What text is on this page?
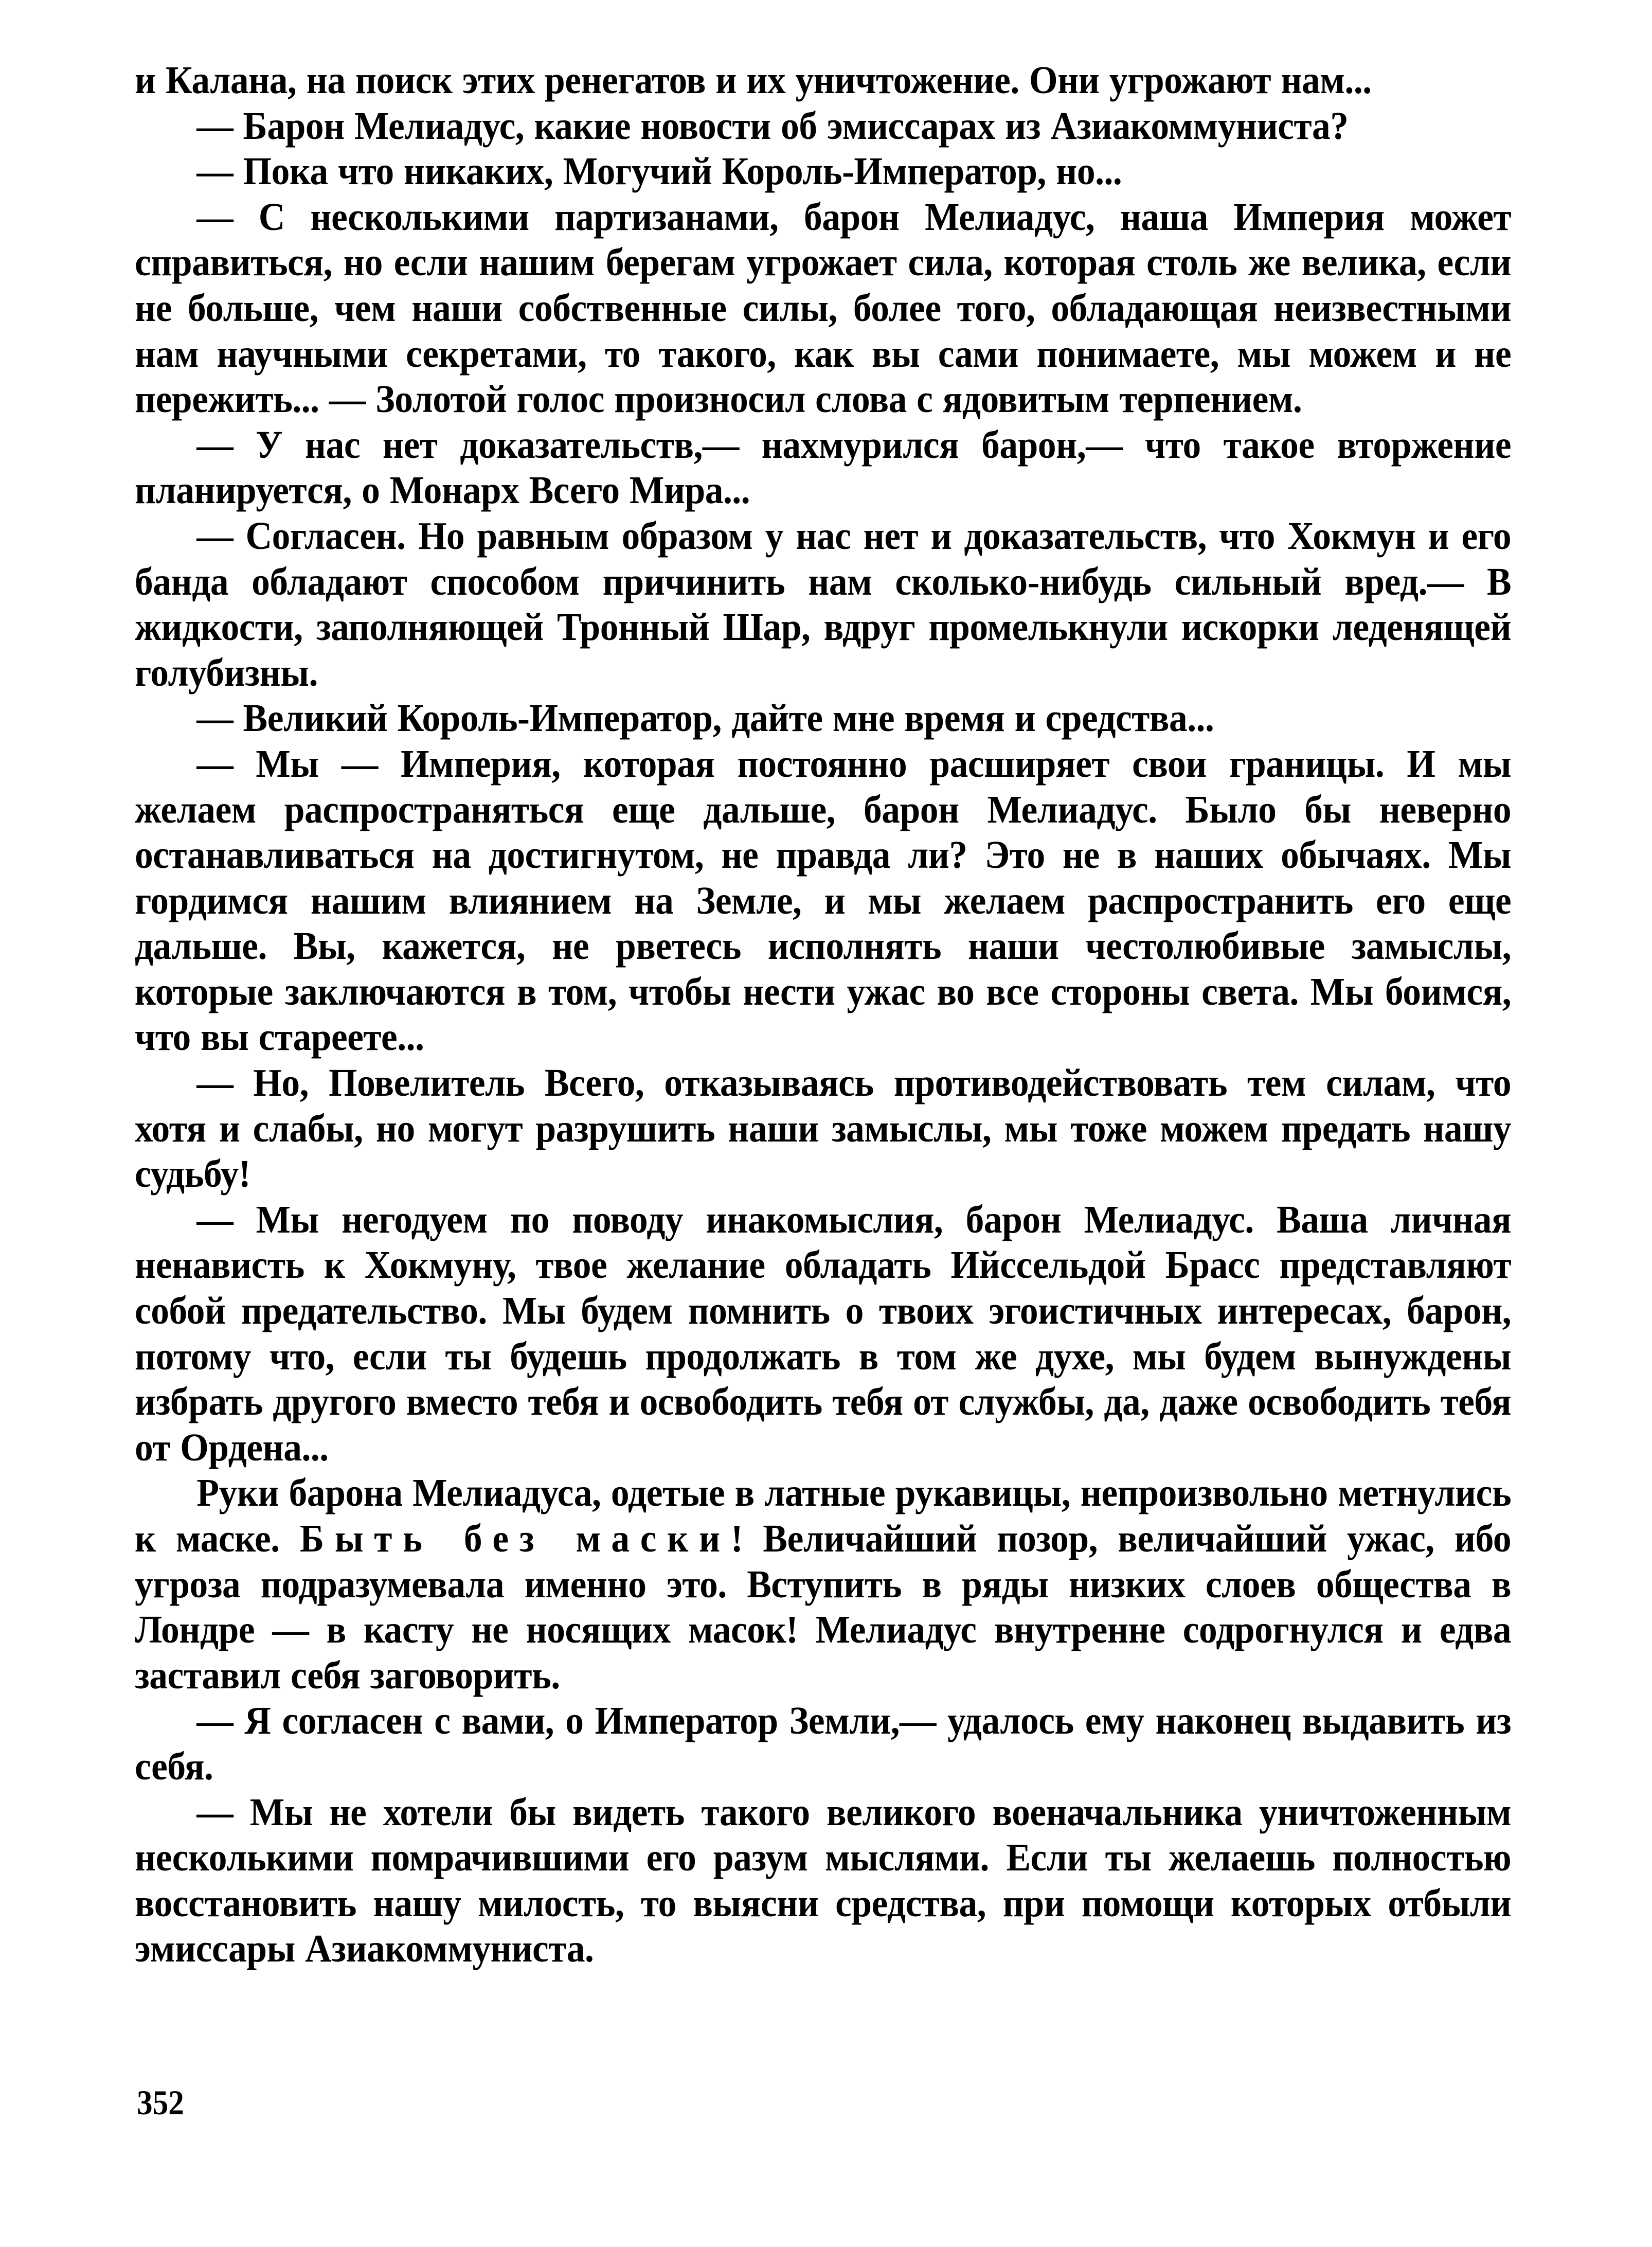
и Калана, на поиск этих ренегатов и их уничтожение. Они угрожают нам...

— Барон Мелиадус, какие новости об эмиссарах из Азиакоммуниста?

— Пока что никаких, Могучий Король-Император, но...

— С несколькими партизанами, барон Мелиадус, наша Империя может справиться, но если нашим берегам угрожает сила, которая столь же велика, если не больше, чем наши собственные силы, более того, обладающая неизвестными нам научными секретами, то такого, как вы сами понимаете, мы можем и не пережить... — Золотой голос произносил слова с ядовитым терпением.

— У нас нет доказательств,— нахмурился барон,— что такое вторжение планируется, о Монарх Всего Мира...

— Согласен. Но равным образом у нас нет и доказательств, что Хокмун и его банда обладают способом причинить нам сколько-нибудь сильный вред.— В жидкости, заполняющей Тронный Шар, вдруг промелькнули искорки леденящей голубизны.

— Великий Король-Император, дайте мне время и средства...

— Мы — Империя, которая постоянно расширяет свои границы. И мы желаем распространяться еще дальше, барон Мелиадус. Было бы неверно останавливаться на достигнутом, не правда ли? Это не в наших обычаях. Мы гордимся нашим влиянием на Земле, и мы желаем распространить его еще дальше. Вы, кажется, не рветесь исполнять наши честолюбивые замыслы, которые заключаются в том, чтобы нести ужас во все стороны света. Мы боимся, что вы стареете...

— Но, Повелитель Всего, отказываясь противодействовать тем силам, что хотя и слабы, но могут разрушить наши замыслы, мы тоже можем предать нашу судьбу!

— Мы негодуем по поводу инакомыслия, барон Мелиадус. Ваша личная ненависть к Хокмуну, твое желание обладать Ийссельдой Брасс представляют собой предательство. Мы будем помнить о твоих эгоистичных интересах, барон, потому что, если ты будешь продолжать в том же духе, мы будем вынуждены избрать другого вместо тебя и освободить тебя от службы, да, даже освободить тебя от Ордена...

Руки барона Мелиадуса, одетые в латные рукавицы, непроизвольно метнулись к маске. Быть без маски! Величайший позор, величайший ужас, ибо угроза подразумевала именно это. Вступить в ряды низких слоев общества в Лондре — в касту не носящих масок! Мелиадус внутренне содрогнулся и едва заставил себя заговорить.

— Я согласен с вами, о Император Земли,— удалось ему наконец выдавить из себя.

— Мы не хотели бы видеть такого великого военачальника уничтоженным несколькими помрачившими его разум мыслями. Если ты желаешь полностью восстановить нашу милость, то выясни средства, при помощи которых отбыли эмиссары Азиакоммуниста.

352
